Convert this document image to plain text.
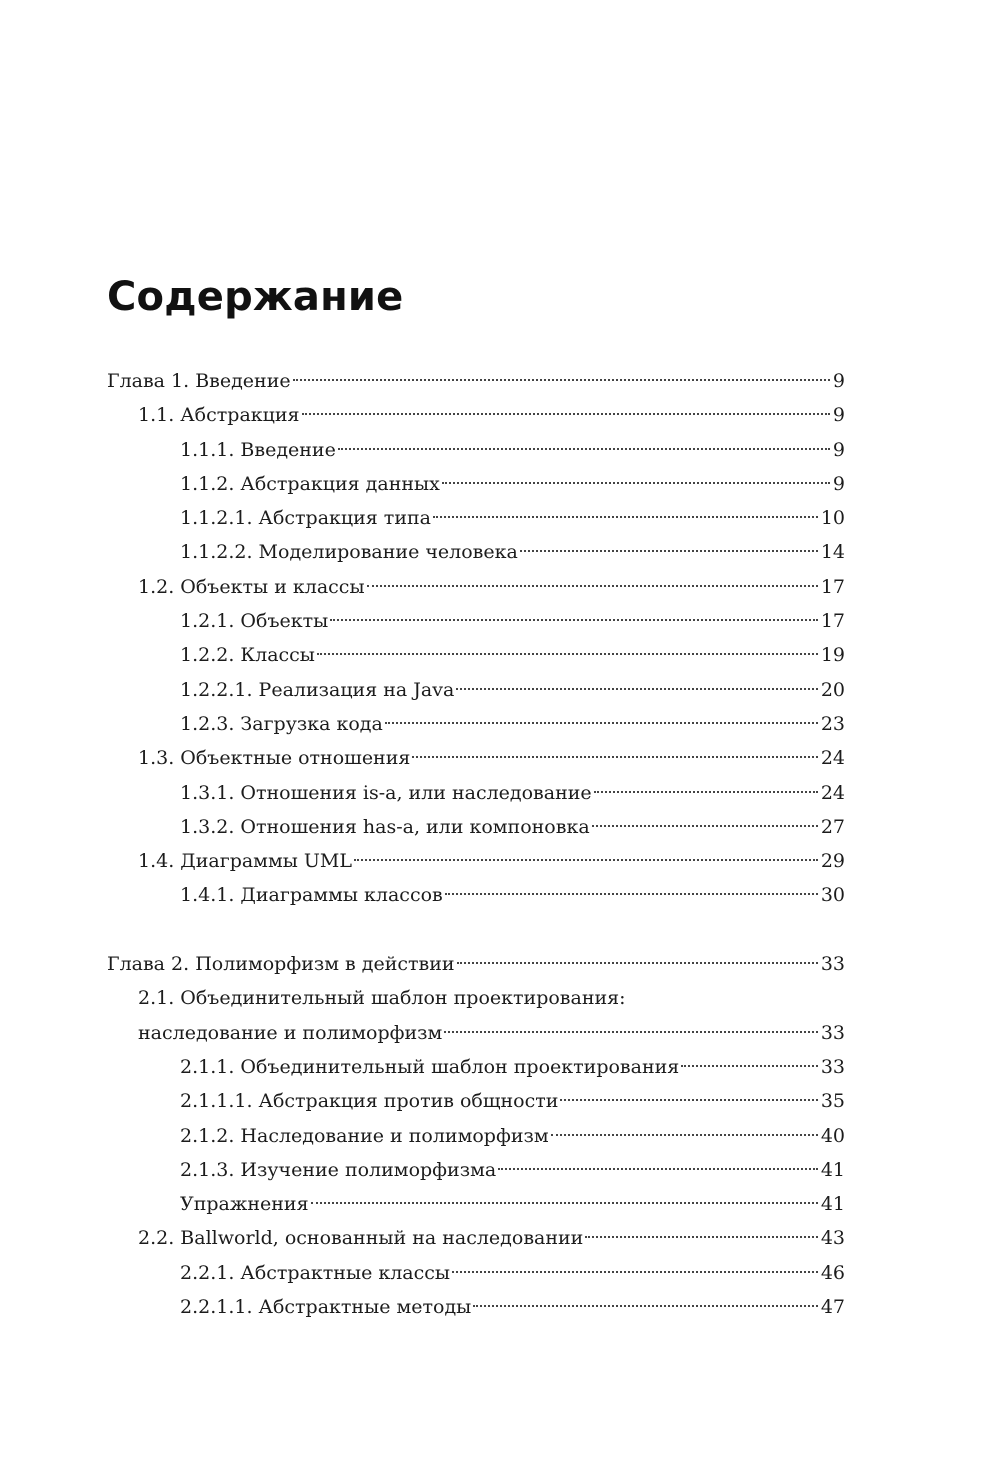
Содержание
Глава 1. Введение	9
1.1. Абстракция	9
1.1.1. Введение	9
1.1.2. Абстракция данных	9
1.1.2.1. Абстракция типа	10
1.1.2.2. Моделирование человека	14
1.2. Объекты и классы	17
1.2.1. Объекты	17
1.2.2. Классы	19
1.2.2.1. Реализация на Java	20
1.2.3. Загрузка кода	23
1.3. Объектные отношения	24
1.3.1. Отношения is-a, или наследование	24
1.3.2. Отношения has-a, или компоновка	27
1.4. Диаграммы UML	29
1.4.1. Диаграммы классов	30
Глава 2. Полиморфизм в действии	33
2.1. Объединительный шаблон проектирования:
наследование и полиморфизм	33
2.1.1. Объединительный шаблон проектирования	33
2.1.1.1. Абстракция против общности	35
2.1.2. Наследование и полиморфизм	40
2.1.3. Изучение полиморфизма	41
Упражнения	41
2.2. Ballworld, основанный на наследовании	43
2.2.1. Абстрактные классы	46
2.2.1.1. Абстрактные методы	47
